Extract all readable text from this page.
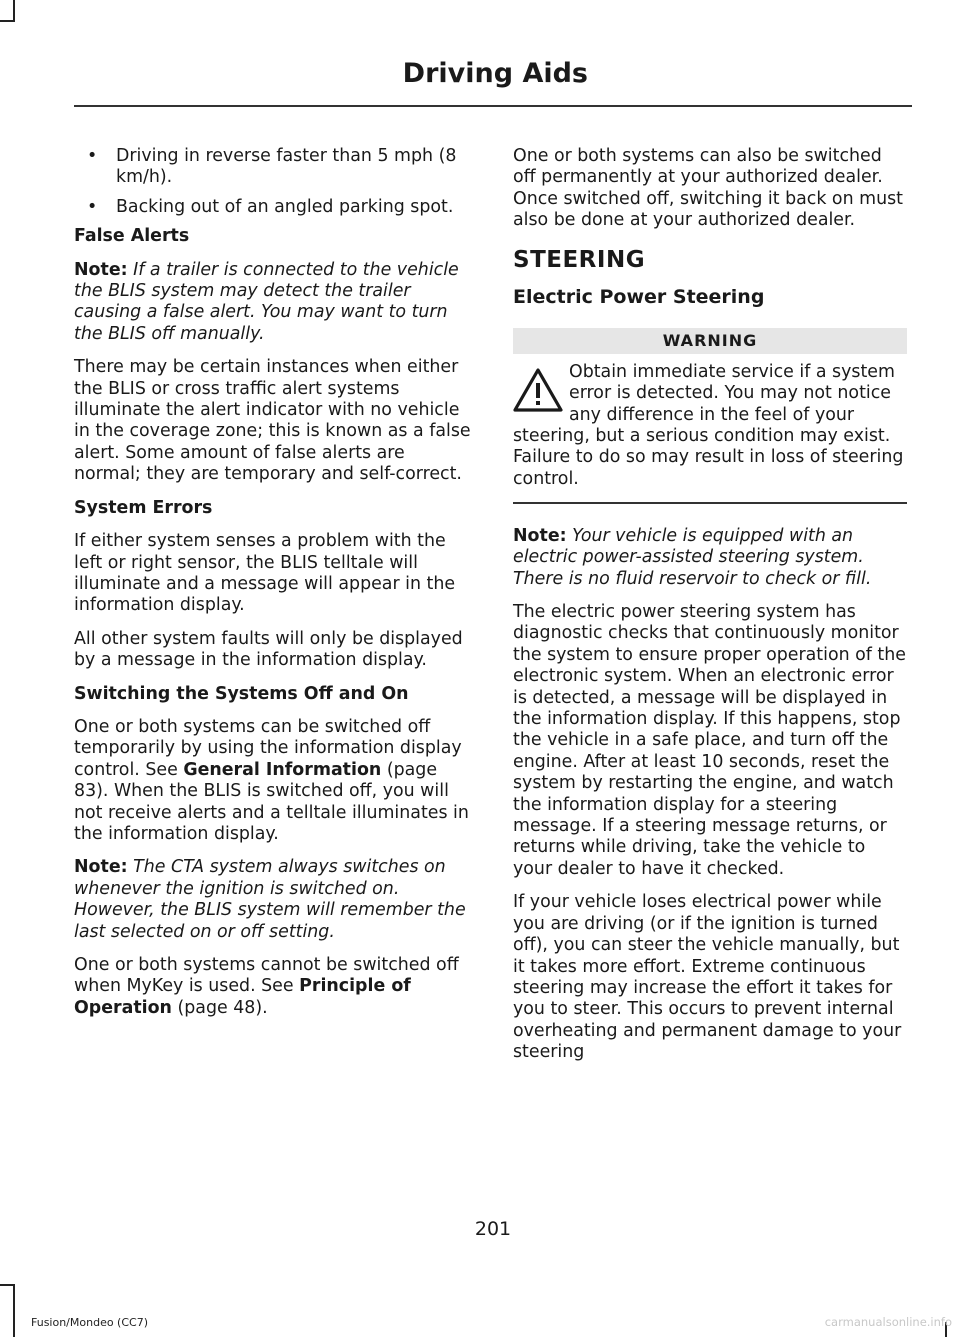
Driving Aids
• Driving in reverse faster than 5 mph (8 km/h).
• Backing out of an angled parking spot.
False Alerts

Note: If a trailer is connected to the vehicle the BLIS system may detect the trailer causing a false alert. You may want to turn the BLIS off manually.

There may be certain instances when either the BLIS or cross traffic alert systems illuminate the alert indicator with no vehicle in the coverage zone; this is known as a false alert. Some amount of false alerts are normal; they are temporary and self-correct.

System Errors

If either system senses a problem with the left or right sensor, the BLIS telltale will illuminate and a message will appear in the information display.

All other system faults will only be displayed by a message in the information display.

Switching the Systems Off and On

One or both systems can be switched off temporarily by using the information display control. See General Information (page 83). When the BLIS is switched off, you will not receive alerts and a telltale illuminates in the information display.

Note: The CTA system always switches on whenever the ignition is switched on. However, the BLIS system will remember the last selected on or off setting.

One or both systems cannot be switched off when MyKey is used. See Principle of Operation (page 48).

One or both systems can also be switched off permanently at your authorized dealer. Once switched off, switching it back on must also be done at your authorized dealer.

STEERING
Electric Power Steering
WARNING
Obtain immediate service if a system error is detected. You may not notice any difference in the feel of your steering, but a serious condition may exist. Failure to do so may result in loss of steering control.

Note: Your vehicle is equipped with an electric power-assisted steering system. There is no fluid reservoir to check or fill.

The electric power steering system has diagnostic checks that continuously monitor the system to ensure proper operation of the electronic system. When an electronic error is detected, a message will be displayed in the information display. If this happens, stop the vehicle in a safe place, and turn off the engine. After at least 10 seconds, reset the system by restarting the engine, and watch the information display for a steering message. If a steering message returns, or returns while driving, take the vehicle to your dealer to have it checked.

If your vehicle loses electrical power while you are driving (or if the ignition is turned off), you can steer the vehicle manually, but it takes more effort. Extreme continuous steering may increase the effort it takes for you to steer. This occurs to prevent internal overheating and permanent damage to your steering

201
Fusion/Mondeo (CC7)	carmanualsonline.info
